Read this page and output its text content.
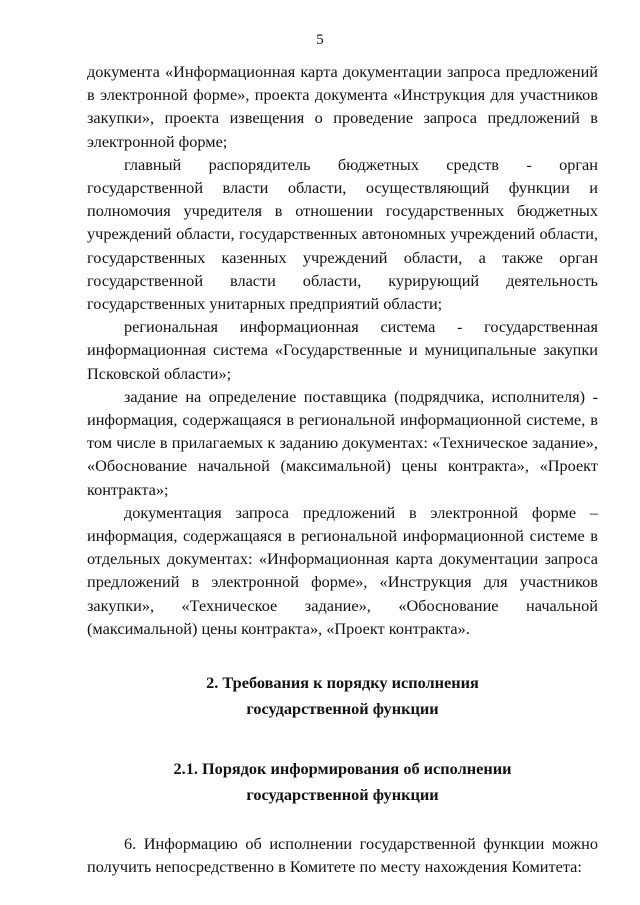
5

документа «Информационная карта документации запроса предложений в электронной форме», проекта документа «Инструкция для участников закупки», проекта извещения о проведение запроса предложений в электронной форме;

главный распорядитель бюджетных средств - орган государственной власти области, осуществляющий функции и полномочия учредителя в отношении государственных бюджетных учреждений области, государственных автономных учреждений области, государственных казенных учреждений области, а также орган государственной власти области, курирующий деятельность государственных унитарных предприятий области;

региональная информационная система - государственная информационная система «Государственные и муниципальные закупки Псковской области»;

задание на определение поставщика (подрядчика, исполнителя) - информация, содержащаяся в региональной информационной системе, в том числе в прилагаемых к заданию документах: «Техническое задание», «Обоснование начальной (максимальной) цены контракта», «Проект контракта»;

документация запроса предложений в электронной форме – информация, содержащаяся в региональной информационной системе в отдельных документах: «Информационная карта документации запроса предложений в электронной форме», «Инструкция для участников закупки», «Техническое задание», «Обоснование начальной (максимальной) цены контракта», «Проект контракта».

2. Требования к порядку исполнения
государственной функции

2.1. Порядок информирования об исполнении
государственной функции

6. Информацию об исполнении государственной функции можно получить непосредственно в Комитете по месту нахождения Комитета:
